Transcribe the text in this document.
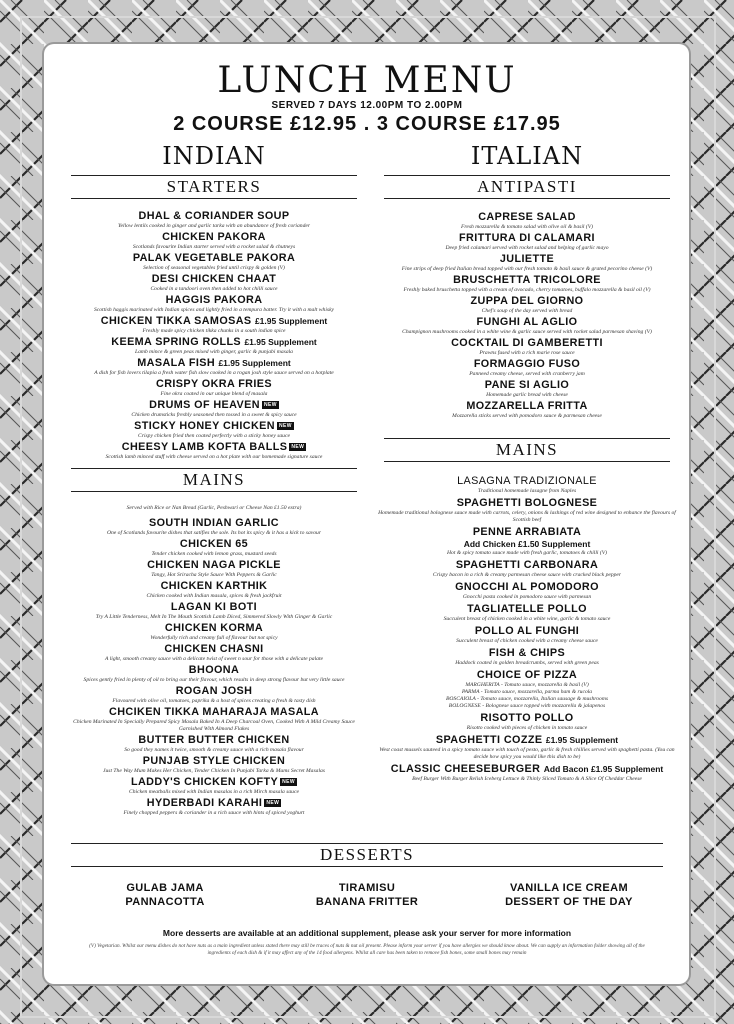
LUNCH MENU
SERVED 7 DAYS 12.00PM TO 2.00PM
2 COURSE £12.95 . 3 COURSE £17.95
INDIAN
STARTERS
DHAL & CORIANDER SOUP
Yellow lentils cooked in ginger and garlic tarka with an abundance of fresh coriander
CHICKEN PAKORA
Scotlands favourite Indian starter served with a rocket salad & chutneys
PALAK VEGETABLE PAKORA
Selection of seasonal vegetables fried until crispy & golden (V)
DESI CHICKEN CHAAT
Cooked in a tandoori oven then added to hot chilli sauce
HAGGIS PAKORA
Scottish haggis marinated with Indian spices and lightly fried in a tempura batter. Try it with a malt whisky
CHICKEN TIKKA SAMOSAS £1.95 Supplement
Freshly made spicy chicken tikka chunks in a south indian spice
KEEMA SPRING ROLLS £1.95 Supplement
Lamb mince & green peas mixed with ginger, garlic & punjabi masala
MASALA FISH £1.95 Supplement
A dish for fish lovers tilapia a fresh water fish slow cooked in a rogan josh style sauce served on a hotplate
CRISPY OKRA FRIES
Fine okra coated in our unique blend of masala
DRUMS OF HEAVEN NEW
Chicken drumsticks freshly seasoned then tossed in a sweet & spicy sauce
STICKY HONEY CHICKEN NEW
Crispy chicken fried then coated perfectly with a sticky honey sauce
CHEESY LAMB KOFTA BALLS NEW
Scottish lamb minced stuff with cheese served on a hot plate with our homemade signature sauce
MAINS
Served with Rice or Nan Bread (Garlic, Peshwari or Cheese Nan £1.50 extra)
SOUTH INDIAN GARLIC
One of Scotlands favourite dishes that satifies the sole. Its hot its spicy & it has a kick to savour
CHICKEN 65
Tender chicken cooked with lemon grass, mustard seeds
CHICKEN NAGA PICKLE
Tangy, Hot Sriracha Style Sauce With Peppers & Garlic
CHICKEN KARTHIK
Chicken cooked with Indian masala, spices & fresh jackfruit
LAGAN KI BOTI
Try A Little Tenderness, Melt In The Mouth Scottish Lamb Diced, Simmered Slowly With Ginger & Garlic
CHICKEN KORMA
Wonderfully rich and creamy full of flavour but not spicy
CHICKEN CHASNI
A light, smooth creamy sauce with a delicate twist of sweet n sour for those with a delicate palate
BHOONA
Spices gently fried in plenty of oil to bring our their flavour, which results in deep strong flavour but very little sauce
ROGAN JOSH
Flavoured with olive oil, tomatoes, paprika & a host of spices creating a fresh & tasty dish
CHCIKEN TIKKA MAHARAJA MASALA
Chicken Marinated In Specially Prepared Spicy Masala Baked In A Deep Charcoal Oven, Cooked With A Mild Creamy Sauce Garnished With Almond Flakes
BUTTER BUTTER CHICKEN
So good they names it twice, smooth & creamy sauce with a rich masala flavour
PUNJAB STYLE CHICKEN
Just The Way Mum Makes Her Chicken, Tender Chicken In Punjabi Tarka & Mums Secret Masalas
LADDY'S CHICKEN KOFTY NEW
Chicken meatballs mixed with Indian masalas in a rich Mirch masala sauce
HYDERBADI KARAHI NEW
Finely chopped peppers & coriander in a rich sauce with hints of spiced yoghurt
ITALIAN
ANTIPASTI
CAPRESE SALAD
Fresh mozzarella & tomato salad with olive oil & basil (V)
FRITTURA DI CALAMARI
Deep fried calamari served with rocket salad and helping of garlic mayo
JULIETTE
Fine strips of deep fried Italian bread topped with our fresh tomato & basil sauce & grated pecorino cheese (V)
BRUSCHETTA TRICOLORE
Freshly baked bruschetta topped with a cream of avocado, cherry tomatoes, buffalo mozzarella & basil oil (V)
ZUPPA DEL GIORNO
Chef's soup of the day served with bread
FUNGHI AL AGLIO
Champignon mushrooms cooked in a white wine & garlic sauce served with rocket salad parmesan shaving (V)
COCKTAIL DI GAMBERETTI
Prawns fused with a rich marie rose sauce
FORMAGGIO FUSO
Panneed creamy cheese, served with cranberry jam
PANE SI AGLIO
Homemade garlic bread with cheese
MOZZARELLA FRITTA
Mozzarella sticks served with pomodoro sauce & parmesan cheese
MAINS
LASAGNA TRADIZIONALE
Traditional homemade lasagne from Naples
SPAGHETTI BOLOGNESE
Homemade traditional bolognese sauce made with carrots, celery, onions & lashings of red wine designed to enhance the flavours of Scottish beef
PENNE ARRABIATA
Add Chicken £1.50 Supplement
Hot & spicy tomato sauce made with fresh garlic, tomatoes & chilli (V)
SPAGHETTI CARBONARA
Crispy bacon in a rich & creamy parmesan cheese sauce with cracked black pepper
GNOCCHI AL POMODORO
Gnocchi pasta cooked in pomodoro sauce with parmesan
TAGLIATELLE POLLO
Succulent breast of chicken cooked in a white wine, garlic & tomato sauce
POLLO AL FUNGHI
Succulent breast of chicken cooked with a creamy cheese sauce
FISH & CHIPS
Haddock coated in golden breadcrumbs, served with green peas
CHOICE OF PIZZA
MARGHERITA - Tomato sauce, mozzarella & basil (V)
PARMA - Tomato sauce, mozzarella, parma ham & rucola
BOSCAIOLA - Tomato sauce, mozzarella, Italian sausage & mushrooms
BOLOGNESE - Bolognese sauce topped with mozzarella & jalapenos
RISOTTO POLLO
Risotto cooked with pieces of chicken in tomato sauce
SPAGHETTI COZZE £1.95 Supplement
West coast mussels sauteed in a spicy tomato sauce with touch of pesto, garlic & fresh chillies served with spaghetti pasta. (You can decide how spicy you would like this dish to be)
CLASSIC CHEESEBURGER Add Bacon £1.95 Supplement
Beef Burger With Burger Relish Iceberg Lettuce & Thinly Sliced Tomato & A Slice Of Cheddar Cheese
DESSERTS
GULAB JAMA
PANNACOTTA
TIRAMISU
BANANA FRITTER
VANILLA ICE CREAM
DESSERT OF THE DAY
More desserts are available at an additional supplement, please ask your server for more information
(V) Vegetarian. Whilst our menu dishes do not have nuts as a main ingredient unless stated there may still be traces of nuts & nut oil present. Please inform your server if you have allergies we should know about. We can supply an information folder showing all of the ingredients of each dish & if it may affect any of the 14 food allergens. Whilst all care has been taken to remove fish bones, some small bones may remain
